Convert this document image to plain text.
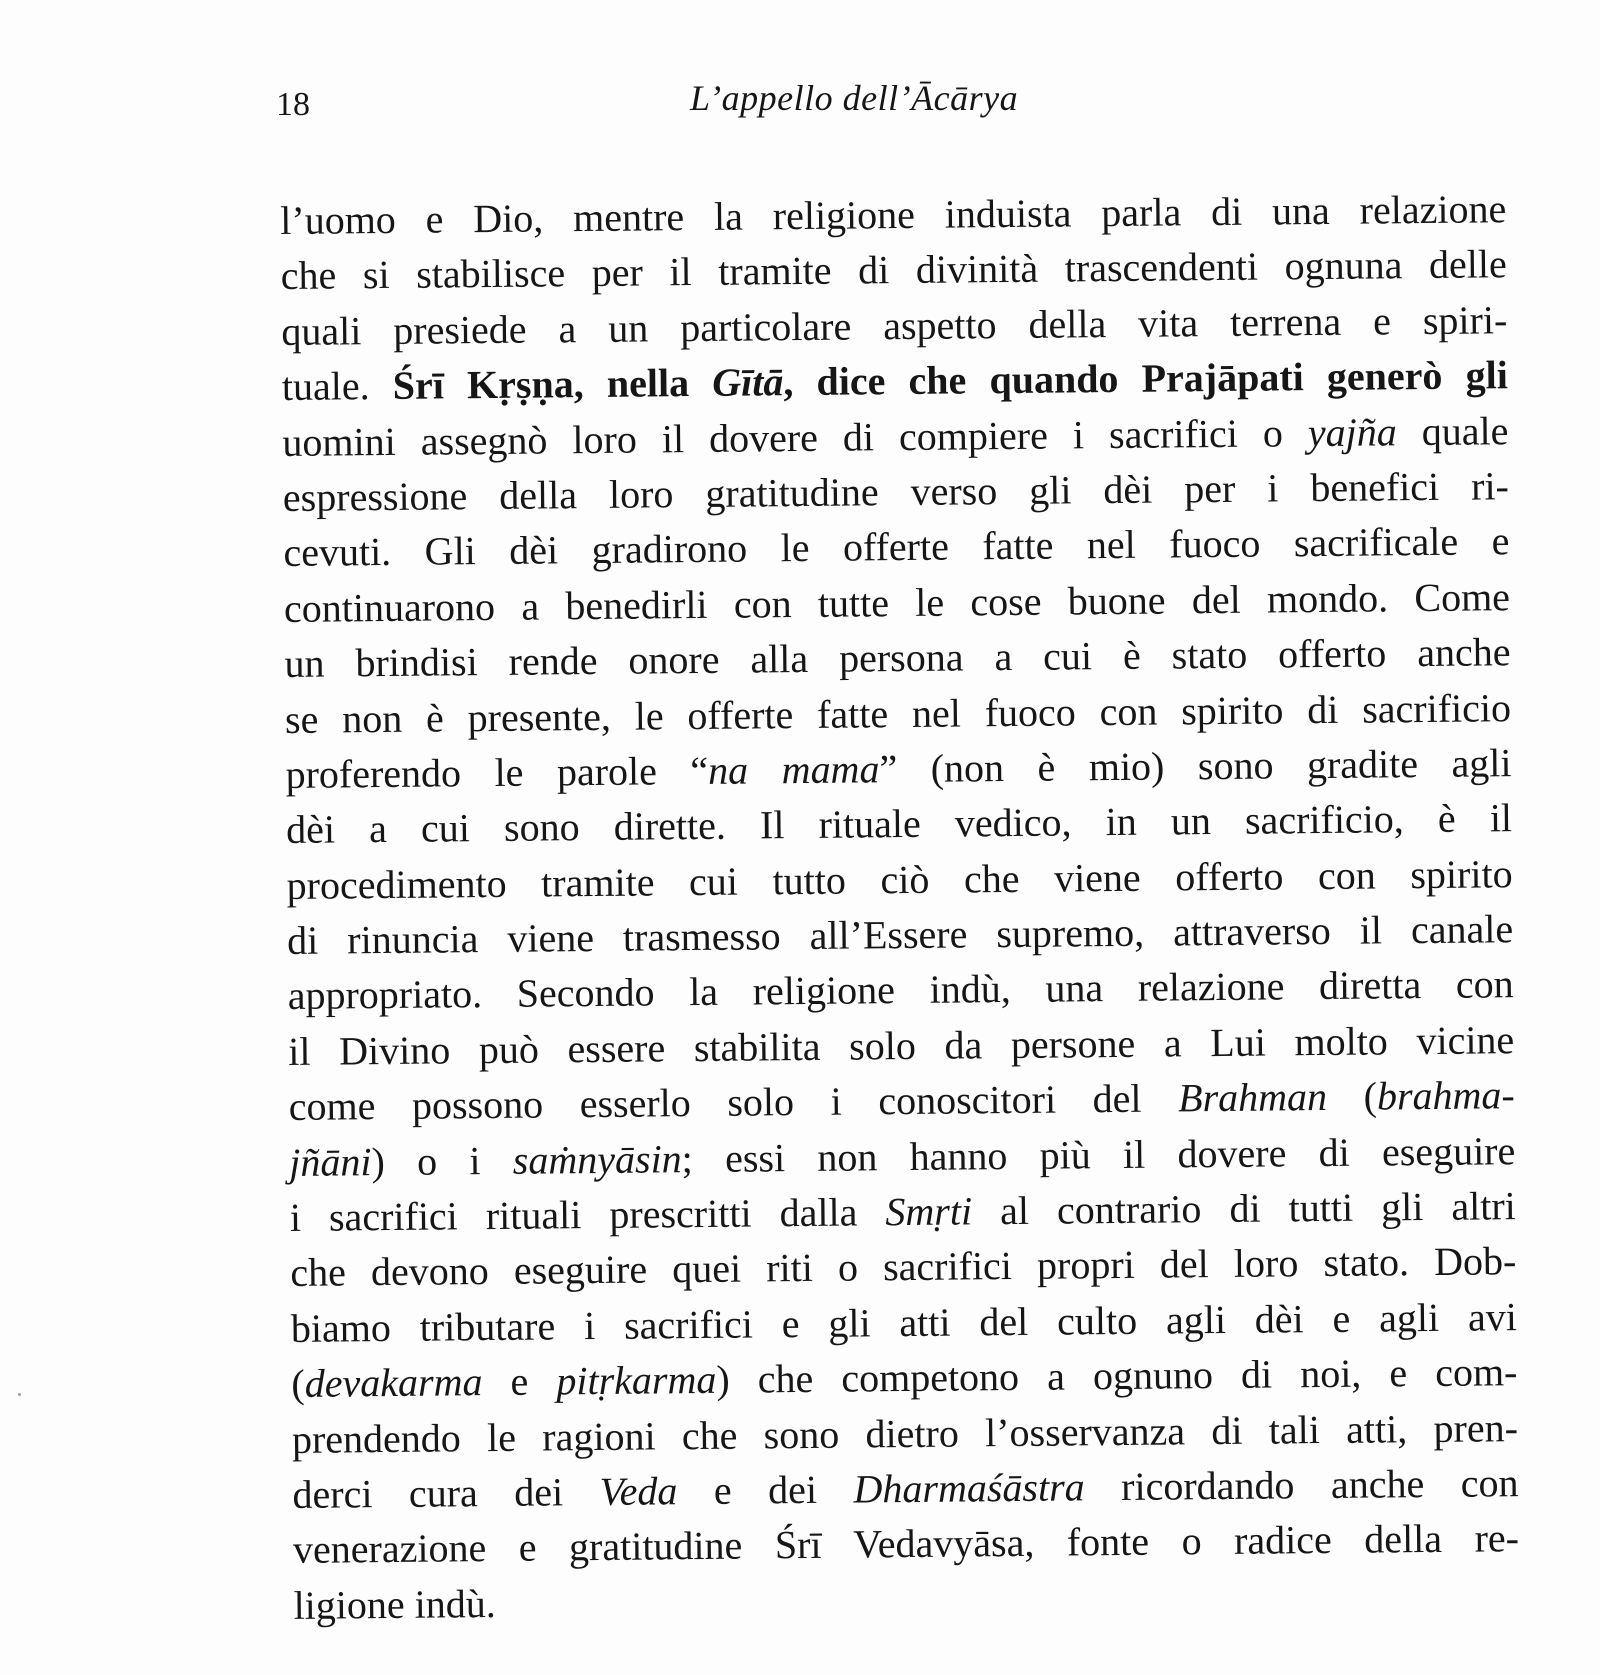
18	L’appello dell’Ācārya
l’uomo e Dio, mentre la religione induista parla di una relazione
che si stabilisce per il tramite di divinità trascendenti ognuna delle
quali presiede a un particolare aspetto della vita terrena e spiri-
tuale. Śrī Kṛṣṇa, nella Gītā, dice che quando Prajāpati generò gli
uomini assegnò loro il dovere di compiere i sacrifici o yajña quale
espressione della loro gratitudine verso gli dèi per i benefici ri-
cevuti. Gli dèi gradirono le offerte fatte nel fuoco sacrificale e
continuarono a benedirli con tutte le cose buone del mondo. Come
un brindisi rende onore alla persona a cui è stato offerto anche
se non è presente, le offerte fatte nel fuoco con spirito di sacrificio
proferendo le parole “na mama” (non è mio) sono gradite agli
dèi a cui sono dirette. Il rituale vedico, in un sacrificio, è il
procedimento tramite cui tutto ciò che viene offerto con spirito
di rinuncia viene trasmesso all’Essere supremo, attraverso il canale
appropriato. Secondo la religione indù, una relazione diretta con
il Divino può essere stabilita solo da persone a Lui molto vicine
come possono esserlo solo i conoscitori del Brahman (brahma-
jñāni) o i saṁnyāsin; essi non hanno più il dovere di eseguire
i sacrifici rituali prescritti dalla Smṛti al contrario di tutti gli altri
che devono eseguire quei riti o sacrifici propri del loro stato. Dob-
biamo tributare i sacrifici e gli atti del culto agli dèi e agli avi
(devakarma e pitṛkarma) che competono a ognuno di noi, e com-
prendendo le ragioni che sono dietro l’osservanza di tali atti, pren-
derci cura dei Veda e dei Dharmaśāstra ricordando anche con
venerazione e gratitudine Śrī Vedavyāsa, fonte o radice della re-
ligione indù.
